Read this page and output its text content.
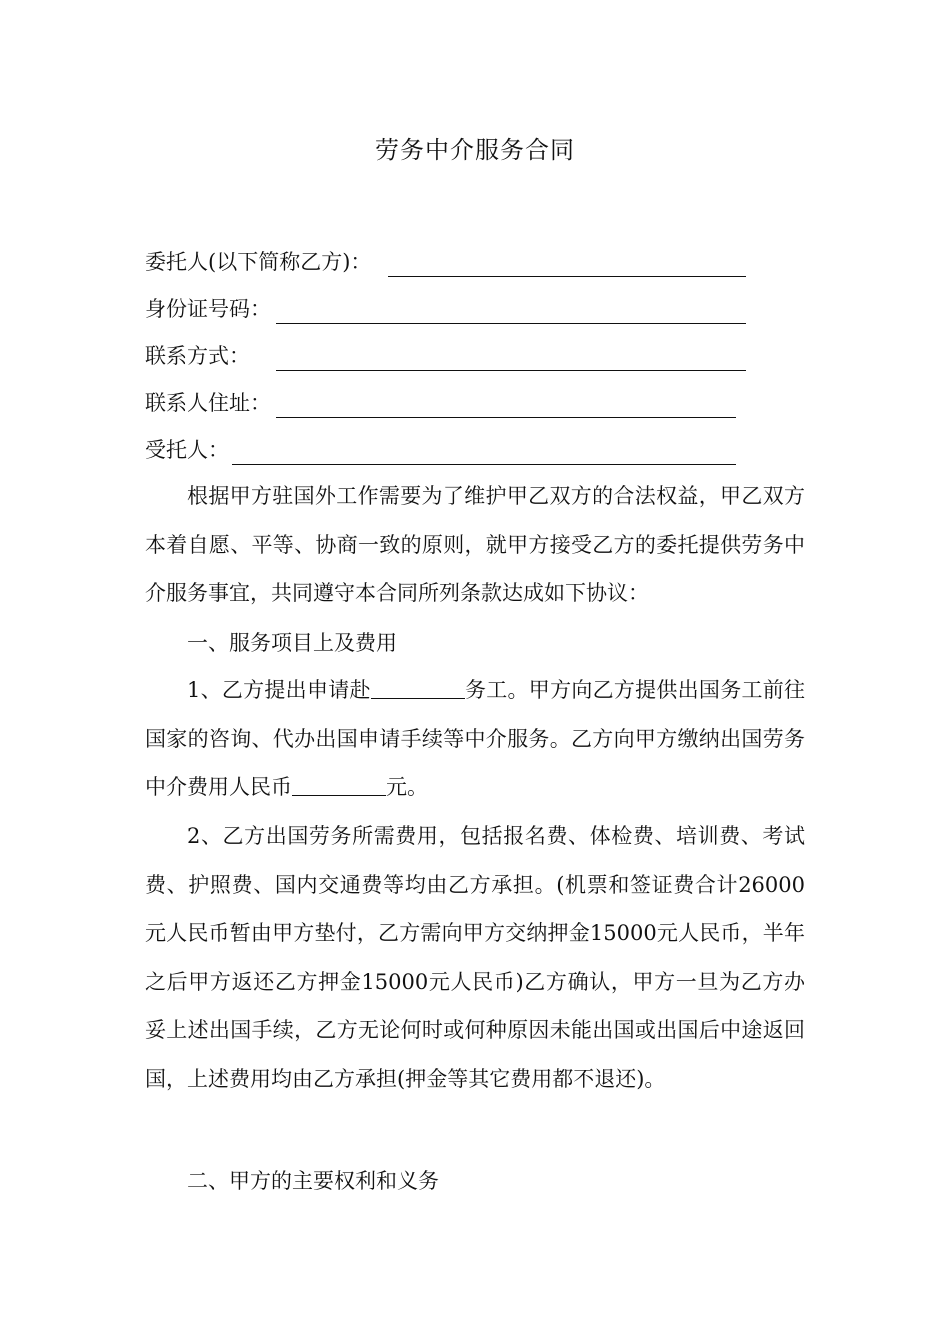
劳务中介服务合同
委托人(以下简称乙方)：
身份证号码：
联系方式：
联系人住址：
受托人：

根据甲方驻国外工作需要为了维护甲乙双方的合法权益，甲乙双方本着自愿、平等、协商一致的原则，就甲方接受乙方的委托提供劳务中介服务事宜，共同遵守本合同所列条款达成如下协议：

一、服务项目上及费用

1、乙方提出申请赴	务工。甲方向乙方提供出国务工前往国家的咨询、代办出国申请手续等中介服务。乙方向甲方缴纳出国劳务中介费用人民币	元。

2、乙方出国劳务所需费用，包括报名费、体检费、培训费、考试费、护照费、国内交通费等均由乙方承担。(机票和签证费合计26000元人民币暂由甲方垫付，乙方需向甲方交纳押金15000元人民币，半年之后甲方返还乙方押金15000元人民币)乙方确认，甲方一旦为乙方办妥上述出国手续，乙方无论何时或何种原因未能出国或出国后中途返回国，上述费用均由乙方承担(押金等其它费用都不退还)。

二、甲方的主要权利和义务
